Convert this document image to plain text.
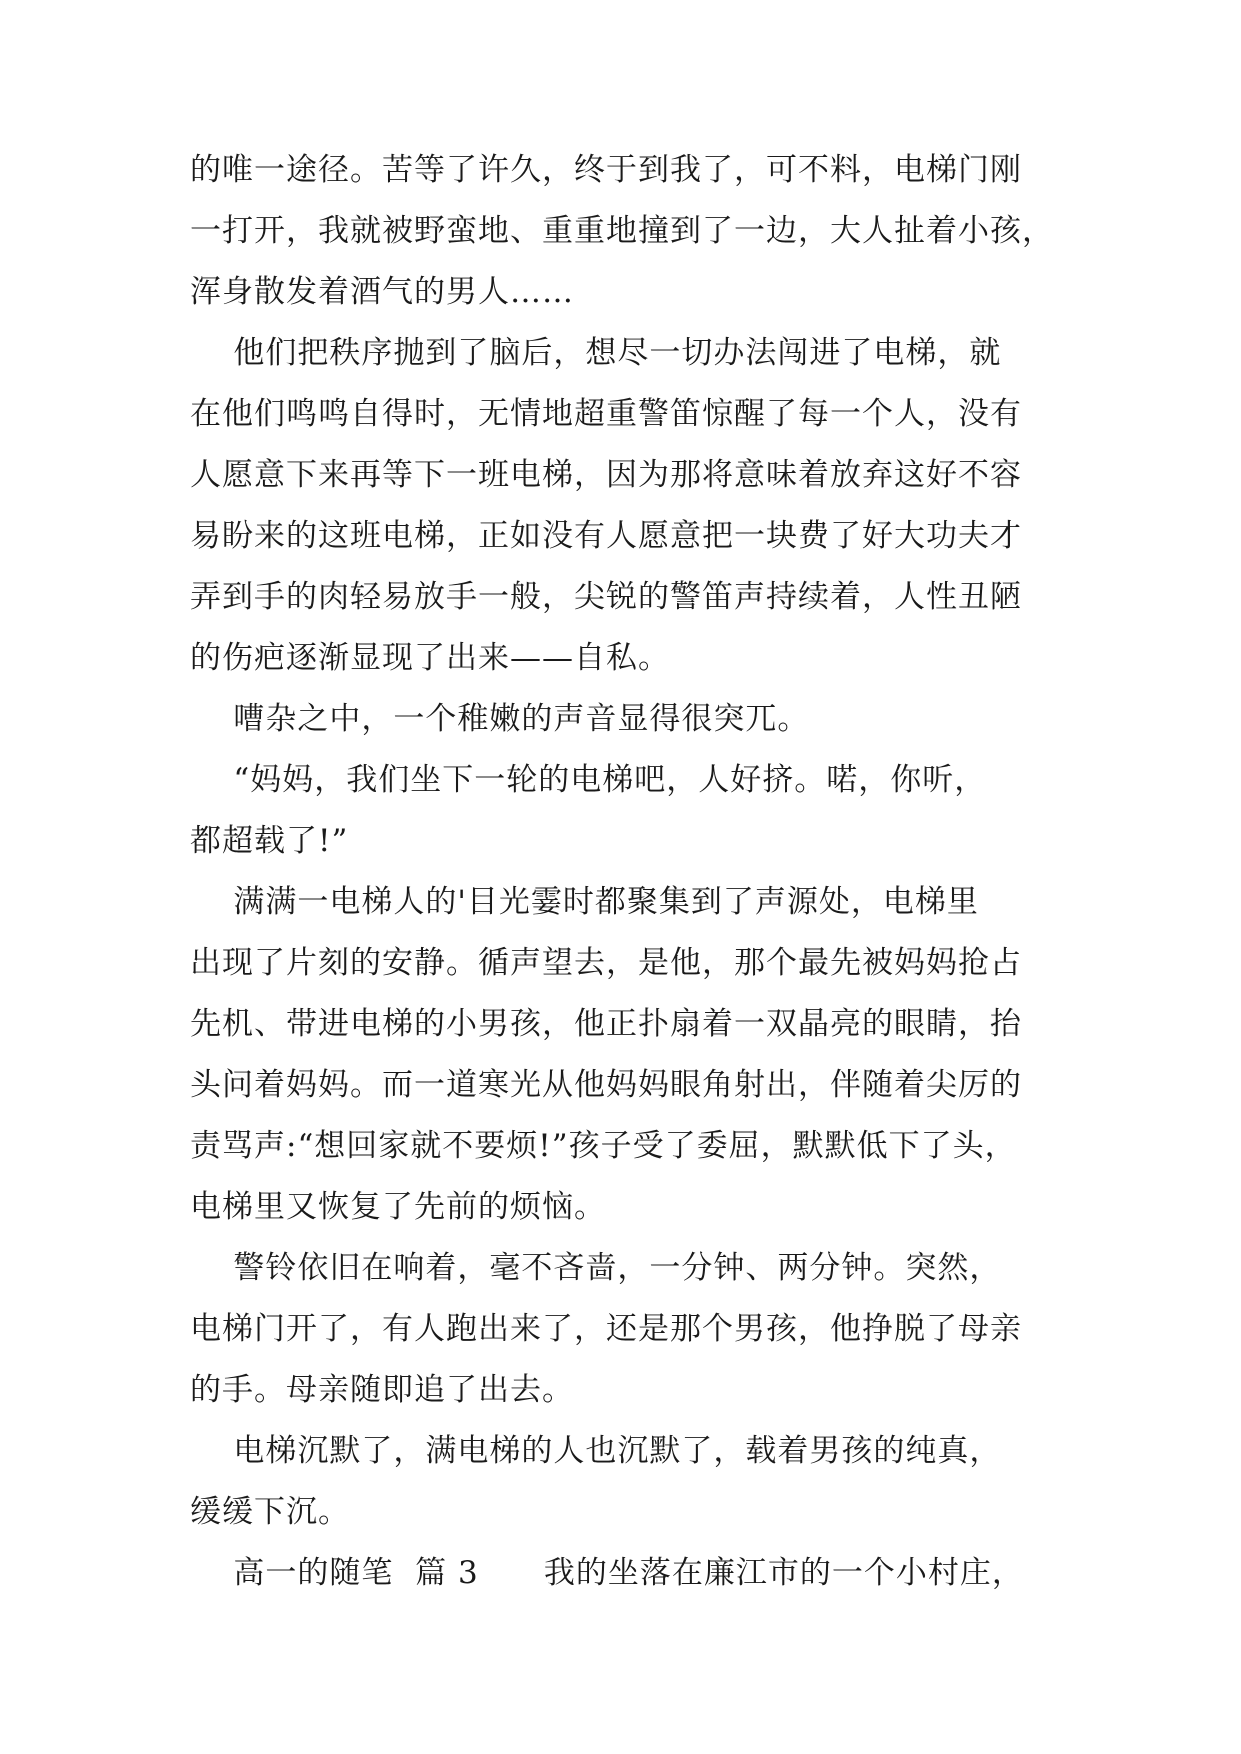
的唯一途径。苦等了许久，终于到我了，可不料，电梯门刚
一打开，我就被野蛮地、重重地撞到了一边，大人扯着小孩，
浑身散发着酒气的男人……
他们把秩序抛到了脑后，想尽一切办法闯进了电梯，就
在他们鸣鸣自得时，无情地超重警笛惊醒了每一个人，没有
人愿意下来再等下一班电梯，因为那将意味着放弃这好不容
易盼来的这班电梯，正如没有人愿意把一块费了好大功夫才
弄到手的肉轻易放手一般，尖锐的警笛声持续着，人性丑陋
的伤疤逐渐显现了出来——自私。
嘈杂之中，一个稚嫩的声音显得很突兀。
“妈妈，我们坐下一轮的电梯吧，人好挤。喏，你听，
都超载了!”
满满一电梯人的'目光霎时都聚集到了声源处，电梯里
出现了片刻的安静。循声望去，是他，那个最先被妈妈抢占
先机、带进电梯的小男孩，他正扑扇着一双晶亮的眼睛，抬
头问着妈妈。而一道寒光从他妈妈眼角射出，伴随着尖厉的
责骂声:“想回家就不要烦!”孩子受了委屈，默默低下了头，
电梯里又恢复了先前的烦恼。
警铃依旧在响着，毫不吝啬，一分钟、两分钟。突然，
电梯门开了，有人跑出来了，还是那个男孩，他挣脱了母亲
的手。母亲随即追了出去。
电梯沉默了，满电梯的人也沉默了，载着男孩的纯真，
缓缓下沉。
高一的随笔  篇 3      我的坐落在廉江市的一个小村庄，
